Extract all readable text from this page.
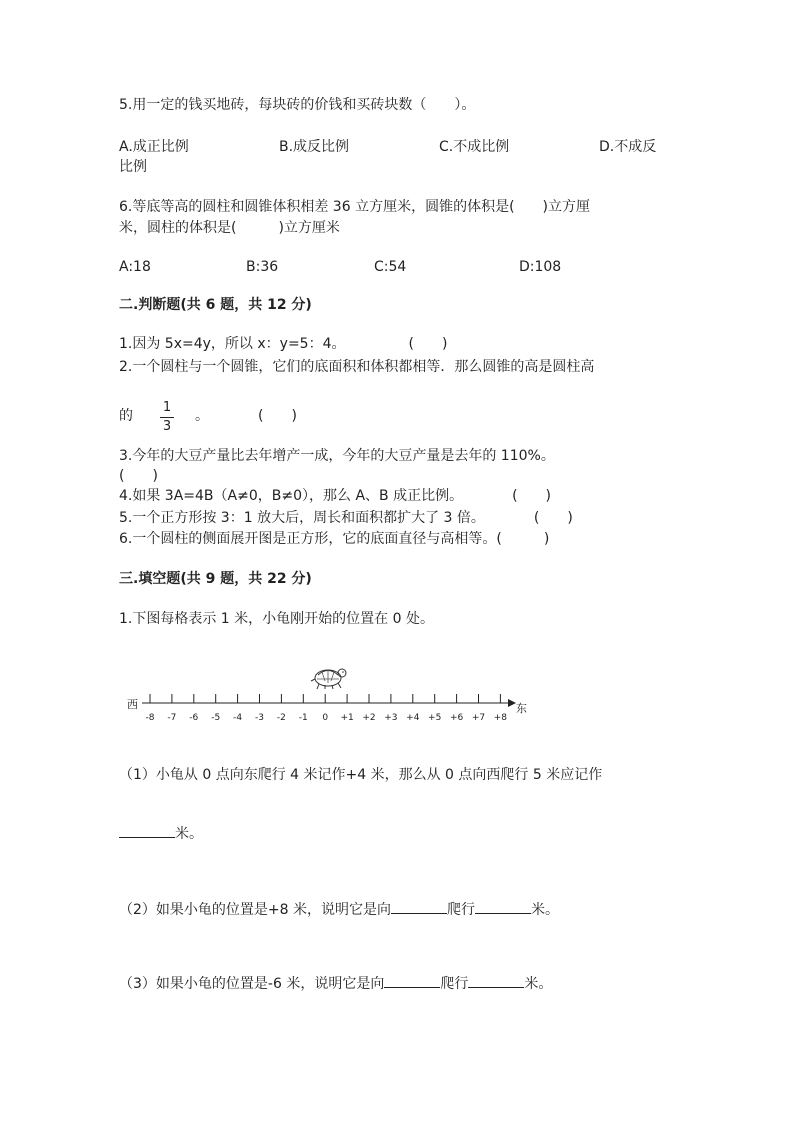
5.用一定的钱买地砖，每块砖的价钱和买砖块数（　　）。
A.成正比例	B.成反比例	C.不成比例	D.不成反
比例
6.等底等高的圆柱和圆锥体积相差 36 立方厘米，圆锥的体积是(　　)立方厘
米，圆柱的体积是(　　　)立方厘米
A:18	B:36	C:54	D:108
二.判断题(共 6 题，共 12 分)
1.因为 5x=4y，所以 x：y=5：4。　　　　　(　　)
2.一个圆柱与一个圆锥，它们的底面积和体积都相等．那么圆锥的高是圆柱高
的 $\frac{1}{3}$ 。　　　　(　　)
3.今年的大豆产量比去年增产一成，今年的大豆产量是去年的 110%。
(　　)
4.如果 3A=4B（A≠0，B≠0），那么 A、B 成正比例。　　　　(　　)
5.一个正方形按 3：1 放大后，周长和面积都扩大了 3 倍。　　　　(　　)
6.一个圆柱的侧面展开图是正方形，它的底面直径与高相等。(　　　)
三.填空题(共 9 题，共 22 分)
1.下图每格表示 1 米，小龟刚开始的位置在 0 处。
西	东
-8 -7 -6 -5 -4 -3 -2 -1 0 +1 +2 +3 +4 +5 +6 +7 +8
（1）小龟从 0 点向东爬行 4 米记作+4 米，那么从 0 点向西爬行 5 米应记作
米。
（2）如果小龟的位置是+8 米，说明它是向	爬行	米。
（3）如果小龟的位置是-6 米，说明它是向	爬行	米。
